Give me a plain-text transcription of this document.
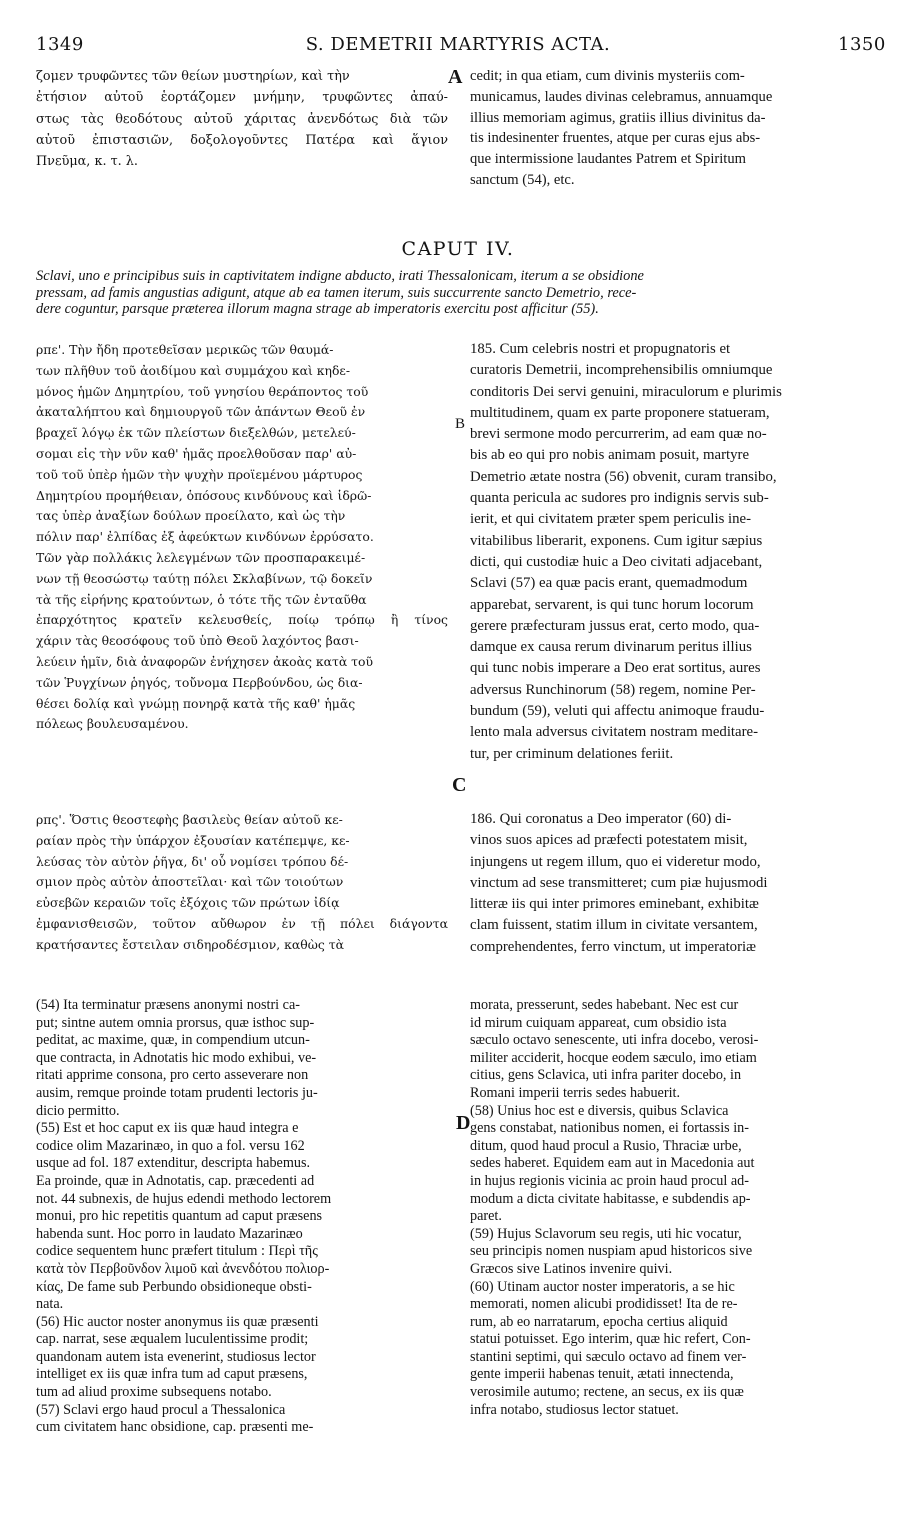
1349	S. DEMETRII MARTYRIS ACTA.	1350
ζομεν τρυφῶντες τῶν θείων μυστηρίων, καὶ τὴν
ἐτήσιον αὐτοῦ ἑορτάζομεν μνήμην, τρυφῶντες ἀπαύ-
στως τὰς θεοδότους αὐτοῦ χάριτας ἀνενδότως διὰ τῶν
αὐτοῦ ἐπιστασιῶν, δοξολογοῦντες Πατέρα καὶ ἅγιον
Πνεῦμα, κ. τ. λ.
cedit; in qua etiam, cum divinis mysteriis com-
municamus, laudes divinas celebramus, annuamque
illius memoriam agimus, gratiis illius divinitus da-
tis indesinenter fruentes, atque per curas ejus abs-
que intermissione laudantes Patrem et Spiritum
sanctum (54), etc.
CAPUT IV.
Sclavi, uno e principibus suis in captivitatem indigne abducto, irati Thessalonicam, iterum a se obsidione
pressam, ad famis angustias adigunt, atque ab ea tamen iterum, suis succurrente sancto Demetrio, rece-
dere coguntur, parsque præterea illorum magna strage ab imperatoris exercitu post afficitur (55).
ρπε'. Τὴν ἤδη προτεθεῖσαν μερικῶς τῶν θαυμά-
των πλῆθυν τοῦ ἀοιδίμου καὶ συμμάχου καὶ κηδε-
μόνος ἡμῶν Δημητρίου, τοῦ γνησίου θεράποντος τοῦ
ἀκαταλήπτου καὶ δημιουργοῦ τῶν ἁπάντων Θεοῦ ἐν
βραχεῖ λόγῳ ἐκ τῶν πλείστων διεξελθών, μετελεύ-
σομαι εἰς τὴν νῦν καθ' ἡμᾶς προελθοῦσαν παρ' αὐ-
τοῦ τοῦ ὑπὲρ ἡμῶν τὴν ψυχὴν προϊεμένου μάρτυρος
Δημητρίου προμήθειαν, ὁπόσους κινδύνους καὶ ἱδρῶ-
τας ὑπὲρ ἀναξίων δούλων προείλατο, καὶ ὡς τὴν
πόλιν παρ' ἐλπίδας ἐξ ἀφεύκτων κινδύνων ἐρρύσατο.
Τῶν γὰρ πολλάκις λελεγμένων τῶν προσπαρακειμέ-
νων τῇ θεοσώστῳ ταύτῃ πόλει Σκλαβίνων, τῷ δοκεῖν
τὰ τῆς εἰρήνης κρατούντων, ὁ τότε τῆς τῶν ἐνταῦθα
ἐπαρχότητος κρατεῖν κελευσθείς, ποίῳ τρόπῳ ἢ τίνος
χάριν τὰς θεοσόφους τοῦ ὑπὸ Θεοῦ λαχόντος βασι-
λεύειν ἡμῖν, διὰ ἀναφορῶν ἐνήχησεν ἀκοὰς κατὰ τοῦ
τῶν Ῥυγχίνων ῥηγός, τοὔνομα Περβούνδου, ὡς δια-
θέσει δολίᾳ καὶ γνώμῃ πονηρᾷ κατὰ τῆς καθ' ἡμᾶς
πόλεως βουλευσαμένου.
ρπς'. Ὅστις θεοστεφὴς βασιλεὺς θείαν αὐτοῦ κε-
ραίαν πρὸς τὴν ὑπάρχον ἐξουσίαν κατέπεμψε, κε-
λεύσας τὸν αὐτὸν ῥῆγα, δι' οὗ νομίσει τρόπου δέ-
σμιον πρὸς αὐτὸν ἀποστεῖλαι· καὶ τῶν τοιούτων
εὐσεβῶν κεραιῶν τοῖς ἐξόχοις τῶν πρώτων ἰδίᾳ
ἐμφανισθεισῶν, τοῦτον αὔθωρον ἐν τῇ πόλει διάγοντα
κρατήσαντες ἔστειλαν σιδηροδέσμιον, καθὼς τὰ
185. Cum celebris nostri et propugnatoris et
curatoris Demetrii, incomprehensibilis omniumque
conditoris Dei servi genuini, miraculorum e plurimis
multitudinem, quam ex parte proponere statueram,
brevi sermone modo percurrerim, ad eam quæ no-
bis ab eo qui pro nobis animam posuit, martyre
Demetrio ætate nostra (56) obvenit, curam transibo,
quanta pericula ac sudores pro indignis servis sub-
ierit, et qui civitatem præter spem periculis ine-
vitabilibus liberarit, exponens. Cum igitur sæpius
dicti, qui custodiæ huic a Deo civitati adjacebant,
Sclavi (57) ea quæ pacis erant, quemadmodum
apparebat, servarent, is qui tunc horum locorum
gerere præfecturam jussus erat, certo modo, qua-
damque ex causa rerum divinarum peritus illius
qui tunc nobis imperare a Deo erat sortitus, aures
adversus Runchinorum (58) regem, nomine Per-
bundum (59), veluti qui affectu animoque fraudu-
lento mala adversus civitatem nostram meditare-
tur, per criminum delationes feriit.
186. Qui coronatus a Deo imperator (60) di-
vinos suos apices ad præfecti potestatem misit,
injungens ut regem illum, quo ei videretur modo,
vinctum ad sese transmitteret; cum piæ hujusmodi
litteræ iis qui inter primores eminebant, exhibitæ
clam fuissent, statim illum in civitate versantem,
comprehendentes, ferro vinctum, ut imperatoriæ
(54) Ita terminatur præsens anonymi nostri ca-
put; sintne autem omnia prorsus, quæ isthoc sup-
peditat, ac maxime, quæ, in compendium utcun-
que contracta, in Adnotatis hic modo exhibui, ve-
ritati apprime consona, pro certo asseverare non
ausim, remque proinde totam prudenti lectoris ju-
dicio permitto.
(55) Est et hoc caput ex iis quæ haud integra e
codice olim Mazarinæo, in quo a fol. versu 162
usque ad fol. 187 extenditur, descripta habemus.
Ea proinde, quæ in Adnotatis, cap. præcedenti ad
not. 44 subnexis, de hujus edendi methodo lectorem
monui, pro hic repetitis quantum ad caput præsens
habenda sunt. Hoc porro in laudato Mazarinæo
codice sequentem hunc præfert titulum : Περὶ τῆς
κατὰ τὸν Περβοῦνδον λιμοῦ καὶ ἀνενδότου πολιορ-
κίας, De fame sub Perbundo obsidioneque obsti-
nata.
(56) Hic auctor noster anonymus iis quæ præsenti
cap. narrat, sese æqualem luculentissime prodit;
quandonam autem ista evenerint, studiosus lector
intelliget ex iis quæ infra tum ad caput præsens,
tum ad aliud proxime subsequens notabo.
(57) Sclavi ergo haud procul a Thessalonica
cum civitatem hanc obsidione, cap. præsenti me-
morata, presserunt, sedes habebant. Nec est cur
id mirum cuiquam appareat, cum obsidio ista
sæculo octavo senescente, uti infra docebo, verosi-
militer acciderit, hocque eodem sæculo, imo etiam
citius, gens Sclavica, uti infra pariter docebo, in
Romani imperii terris sedes habuerit.
(58) Unius hoc est e diversis, quibus Sclavica
gens constabat, nationibus nomen, ei fortassis in-
ditum, quod haud procul a Rusio, Thraciæ urbe,
sedes haberet. Equidem eam aut in Macedonia aut
in hujus regionis vicinia ac proin haud procul ad-
modum a dicta civitate habitasse, e subdendis ap-
paret.
(59) Hujus Sclavorum seu regis, uti hic vocatur,
seu principis nomen nuspiam apud historicos sive
Græcos sive Latinos invenire quivi.
(60) Utinam auctor noster imperatoris, a se hic
memorati, nomen alicubi prodidisset! Ita de re-
rum, ab eo narratarum, epocha certius aliquid
statui potuisset. Ego interim, quæ hic refert, Con-
stantini septimi, qui sæculo octavo ad finem ver-
gente imperii habenas tenuit, ætati innectenda,
verosimile autumo; rectene, an secus, ex iis quæ
infra notabo, studiosus lector statuet.
A
B
C
D
